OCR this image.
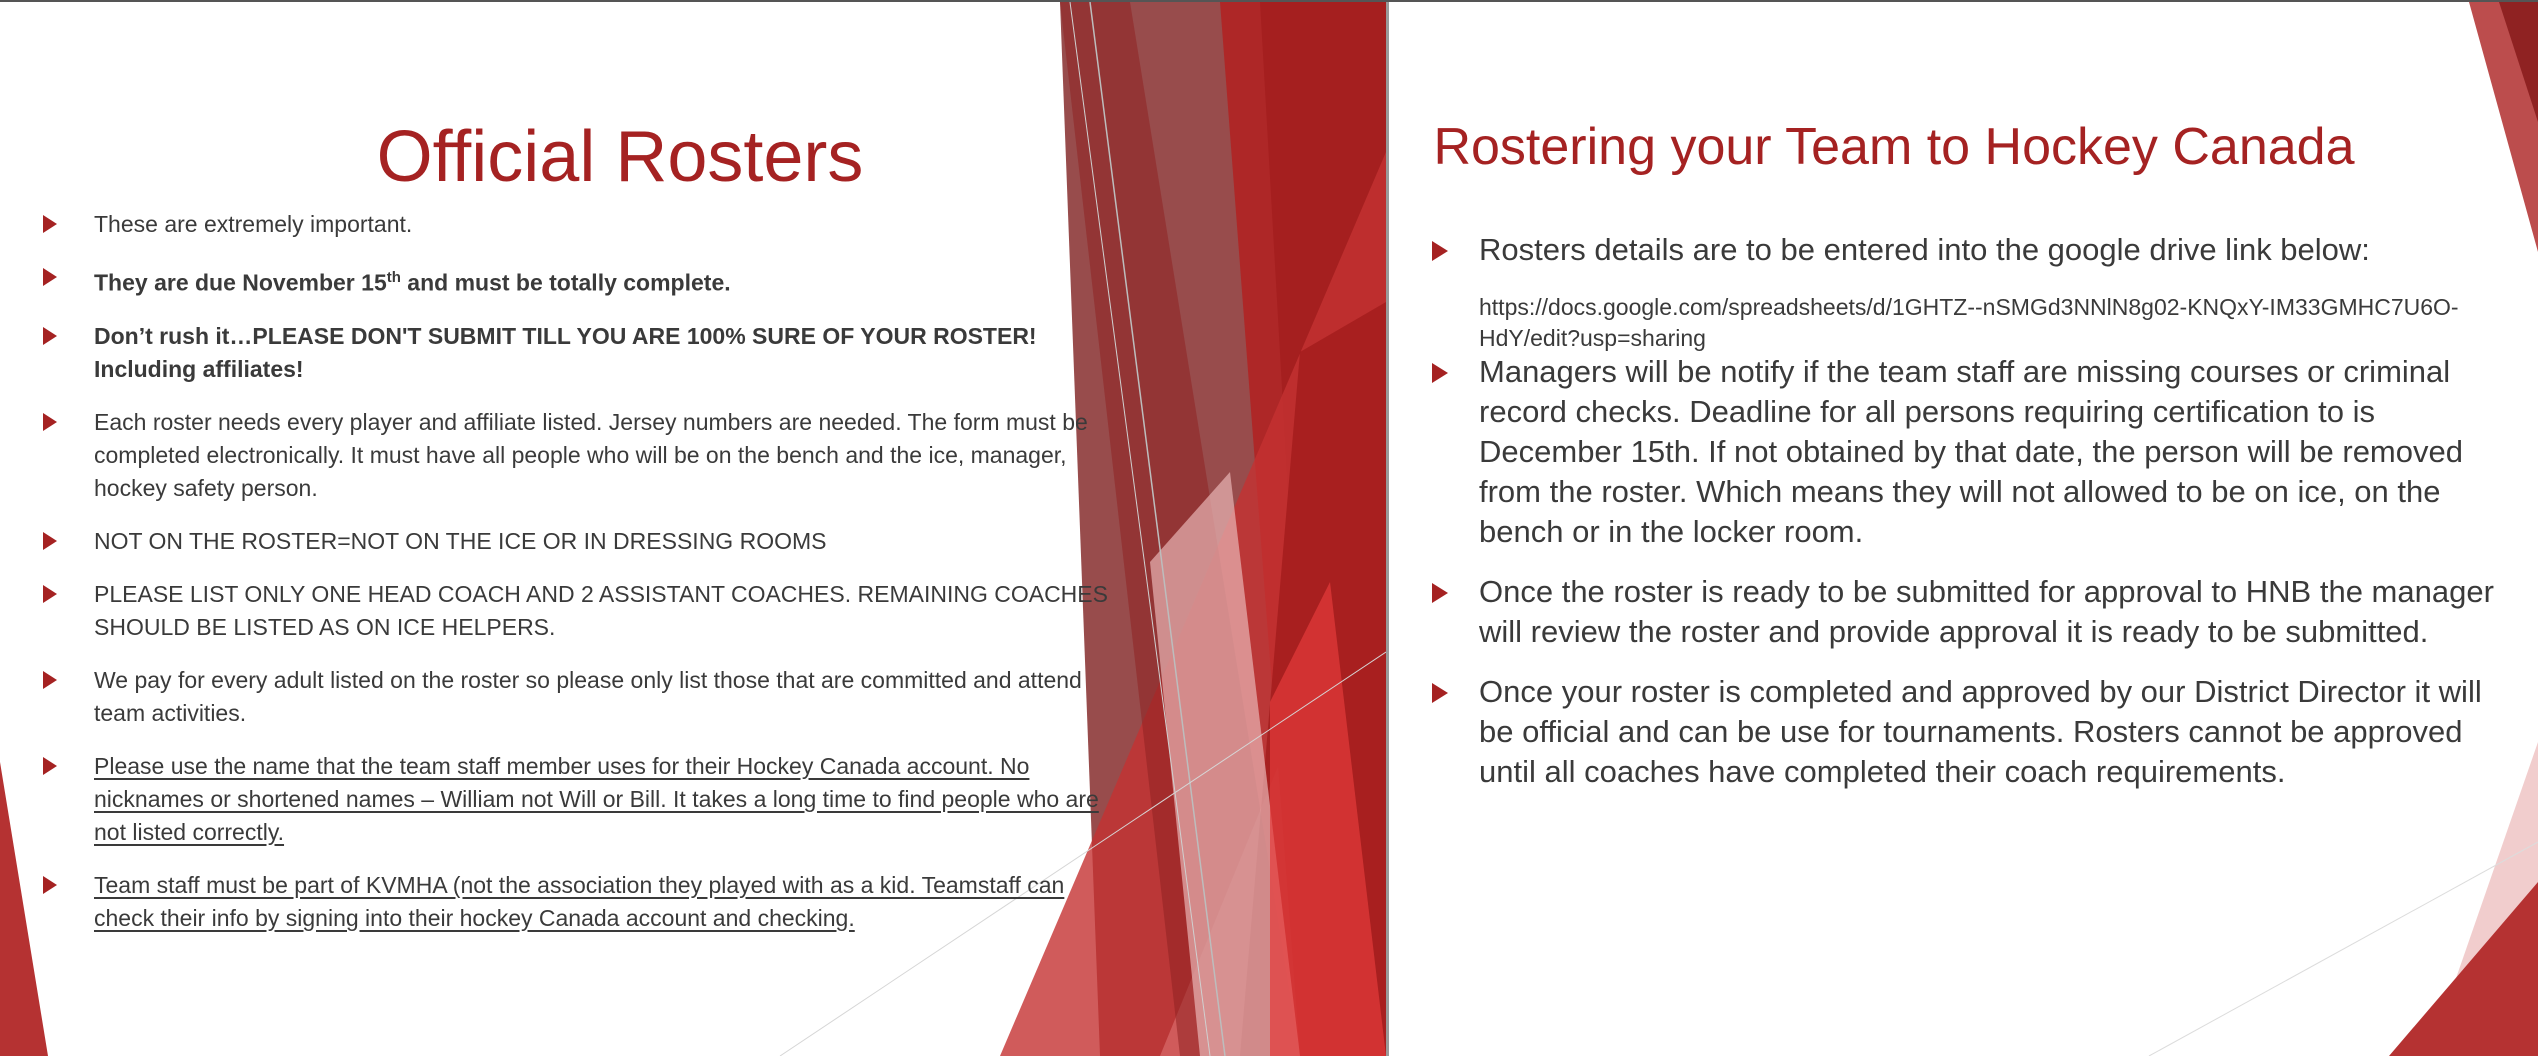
Official Rosters
These are extremely important.
They are due November 15th and must be totally complete.
Don’t rush it…PLEASE DON'T SUBMIT TILL YOU ARE 100% SURE OF YOUR ROSTER! Including affiliates!
Each roster needs every player and affiliate listed. Jersey numbers are needed. The form must be completed electronically. It must have all people who will be on the bench and the ice, manager, hockey safety person.
NOT ON THE ROSTER=NOT ON THE ICE OR IN DRESSING ROOMS
PLEASE LIST ONLY ONE HEAD COACH AND 2 ASSISTANT COACHES. REMAINING COACHES SHOULD BE LISTED AS ON ICE HELPERS.
We pay for every adult listed on the roster so please only list those that are committed and attend team activities.
Please use the name that the team staff member uses for their Hockey Canada account. No nicknames or shortened names – William not Will or Bill. It takes a long time to find people who are not listed correctly.
Team staff must be part of KVMHA (not the association they played with as a kid. Teamstaff can check their info by signing into their hockey Canada account and checking.
Rostering your Team to Hockey Canada
Rosters details are to be entered into the google drive link below:
Managers will be notify if the team staff are missing courses or criminal record checks. Deadline for all persons requiring certification to is December 15th. If not obtained by that date, the person will be removed from the roster. Which means they will not allowed to be on ice, on the bench or in the locker room.
Once the roster is ready to be submitted for approval to HNB the manager will review the roster and provide approval it is ready to be submitted.
Once your roster is completed and approved by our District Director it will be official and can be use for tournaments. Rosters cannot be approved until all coaches have completed their coach requirements.
https://docs.google.com/spreadsheets/d/1GHTZ--nSMGd3NNlN8g02-KNQxY-IM33GMHC7U6O-HdY/edit?usp=sharing
